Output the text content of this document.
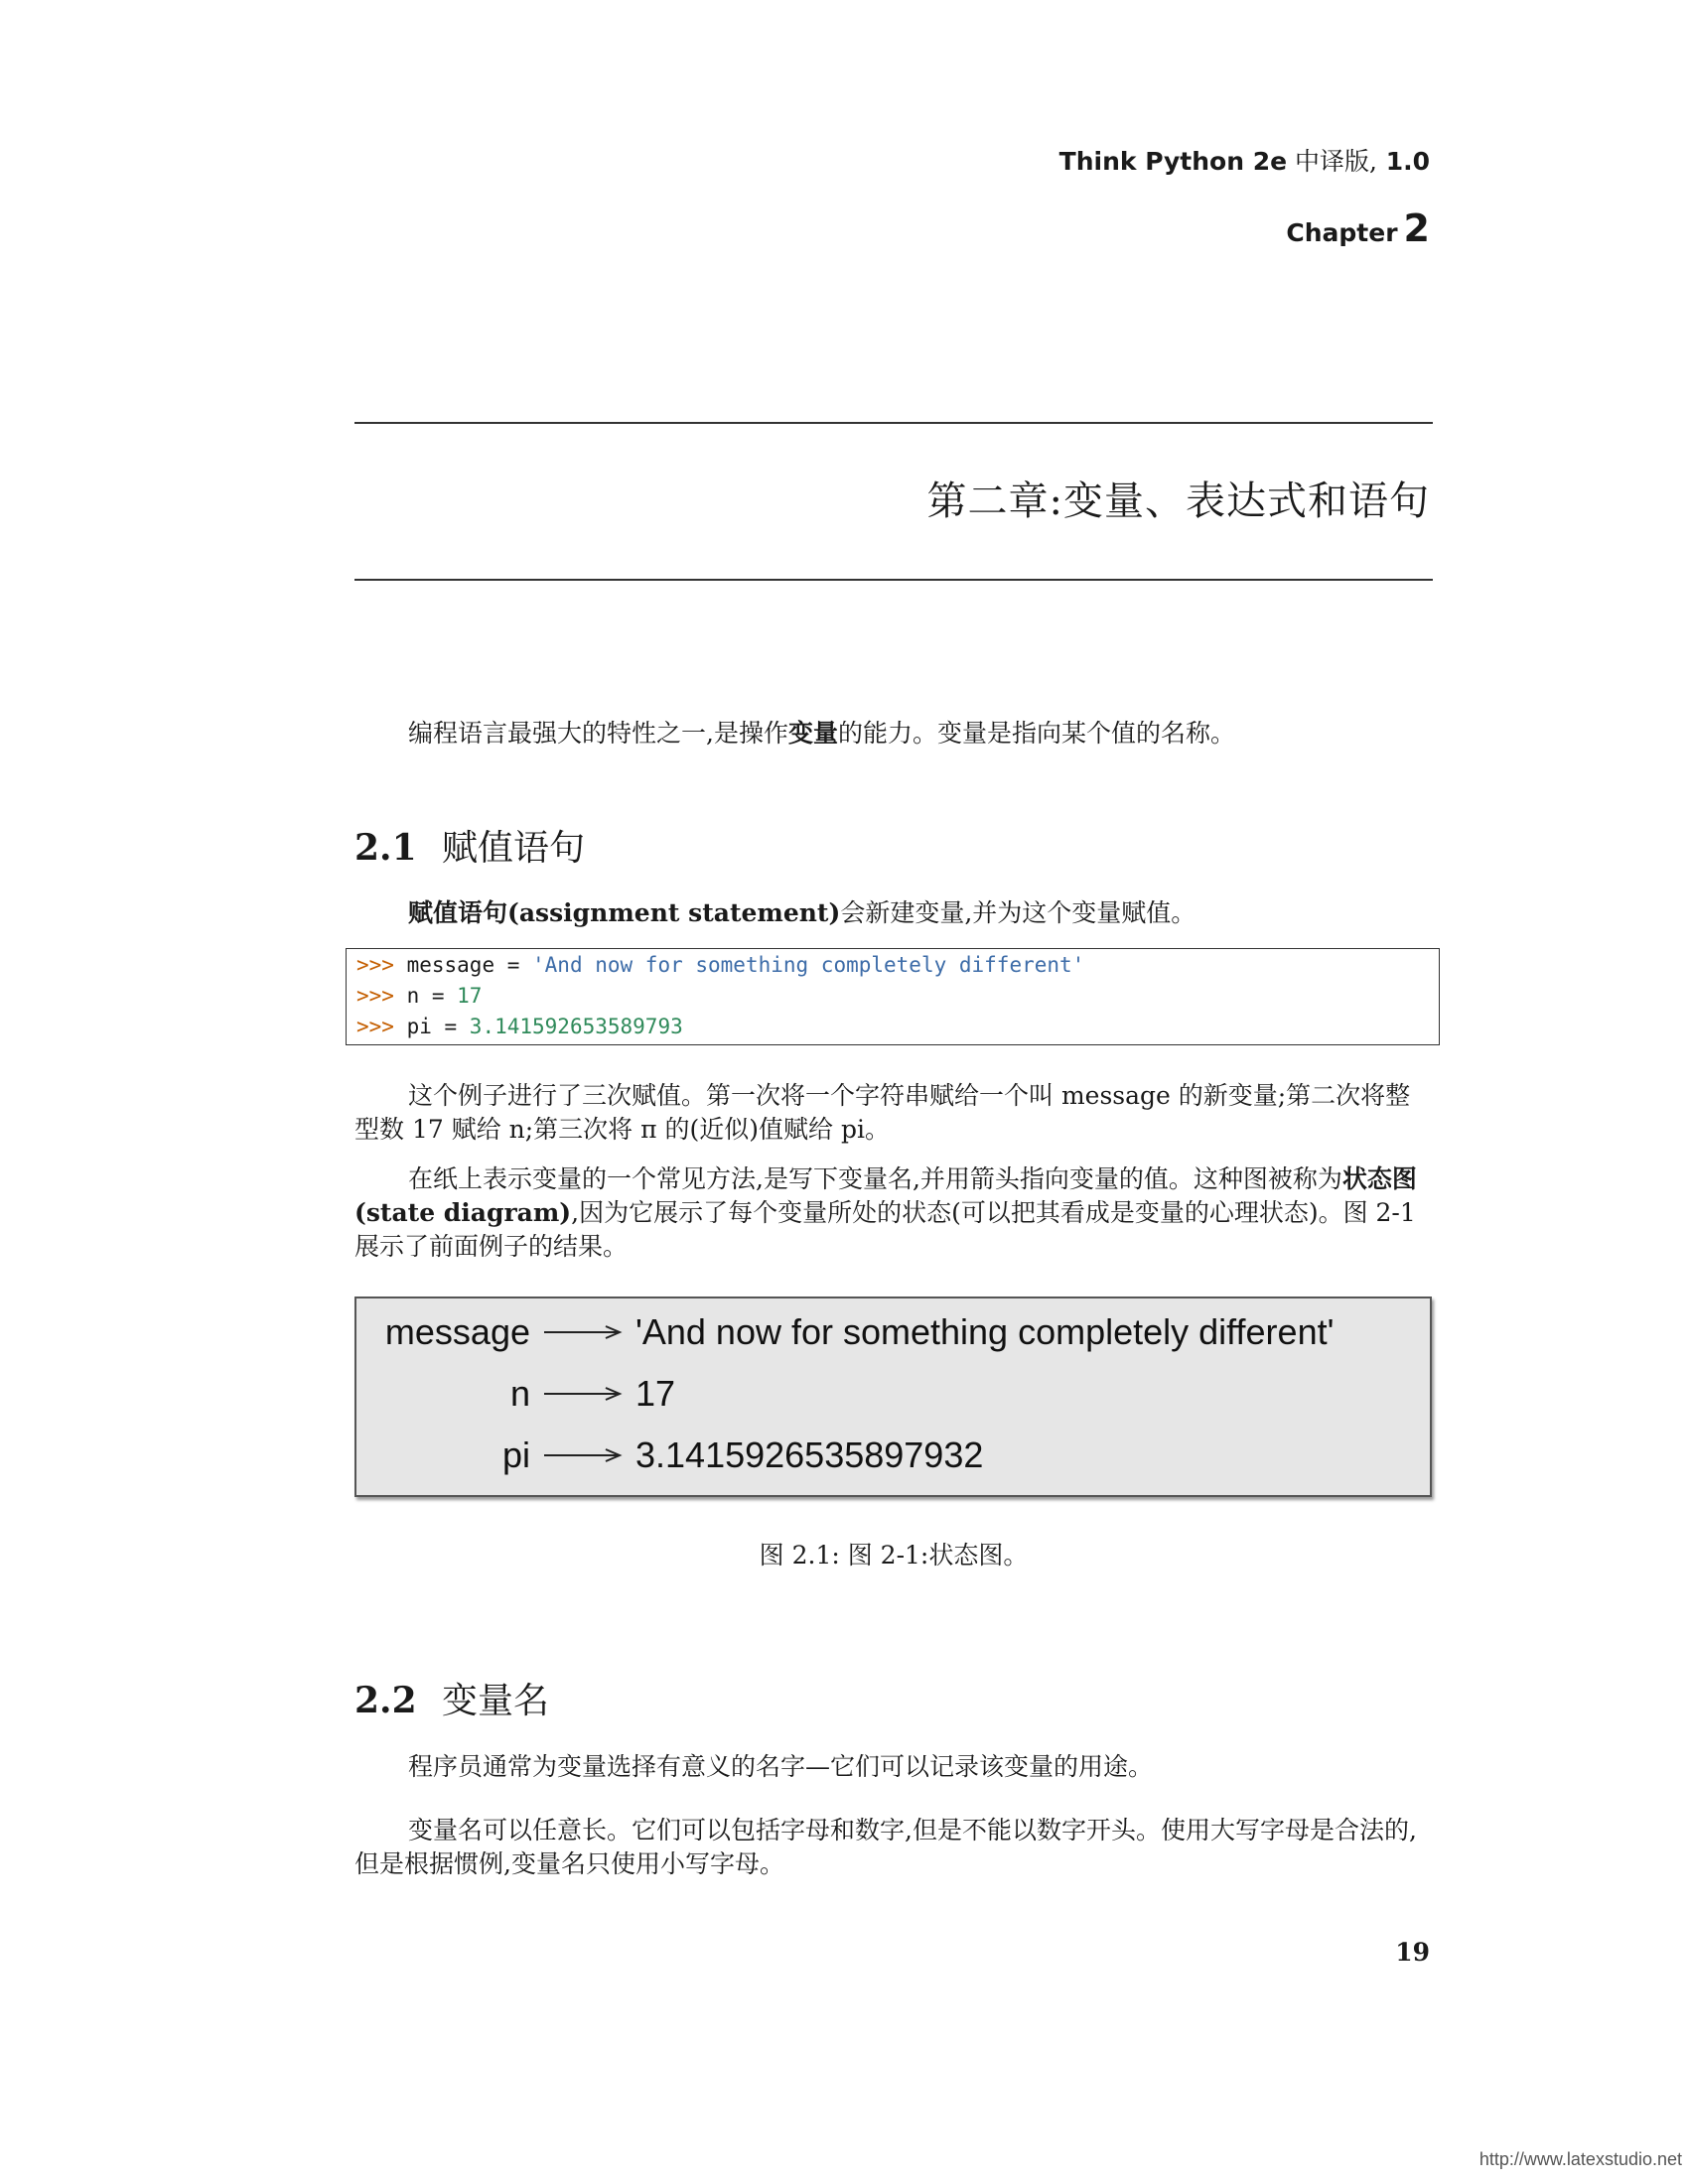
Think Python 2e 中译版, 1.0
Chapter 2
第二章:变量、表达式和语句

编程语言最强大的特性之一,是操作变量的能力。变量是指向某个值的名称。

2.1 赋值语句

赋值语句(assignment statement)会新建变量,并为这个变量赋值。

>>> message = 'And now for something completely different'
>>> n = 17
>>> pi = 3.141592653589793

这个例子进行了三次赋值。第一次将一个字符串赋给一个叫 message 的新变量;第二次将整型数 17 赋给 n;第三次将 π 的(近似)值赋给 pi。

在纸上表示变量的一个常见方法,是写下变量名,并用箭头指向变量的值。这种图被称为状态图(state diagram),因为它展示了每个变量所处的状态(可以把其看成是变量的心理状态)。图 2-1 展示了前面例子的结果。

message	'And now for something completely different'
n	17
pi	3.1415926535897932
图 2.1: 图 2-1:状态图。
2.2 变量名

程序员通常为变量选择有意义的名字—它们可以记录该变量的用途。

变量名可以任意长。它们可以包括字母和数字,但是不能以数字开头。使用大写字母是合法的,但是根据惯例,变量名只使用小写字母。

19
http://www.latexstudio.net
